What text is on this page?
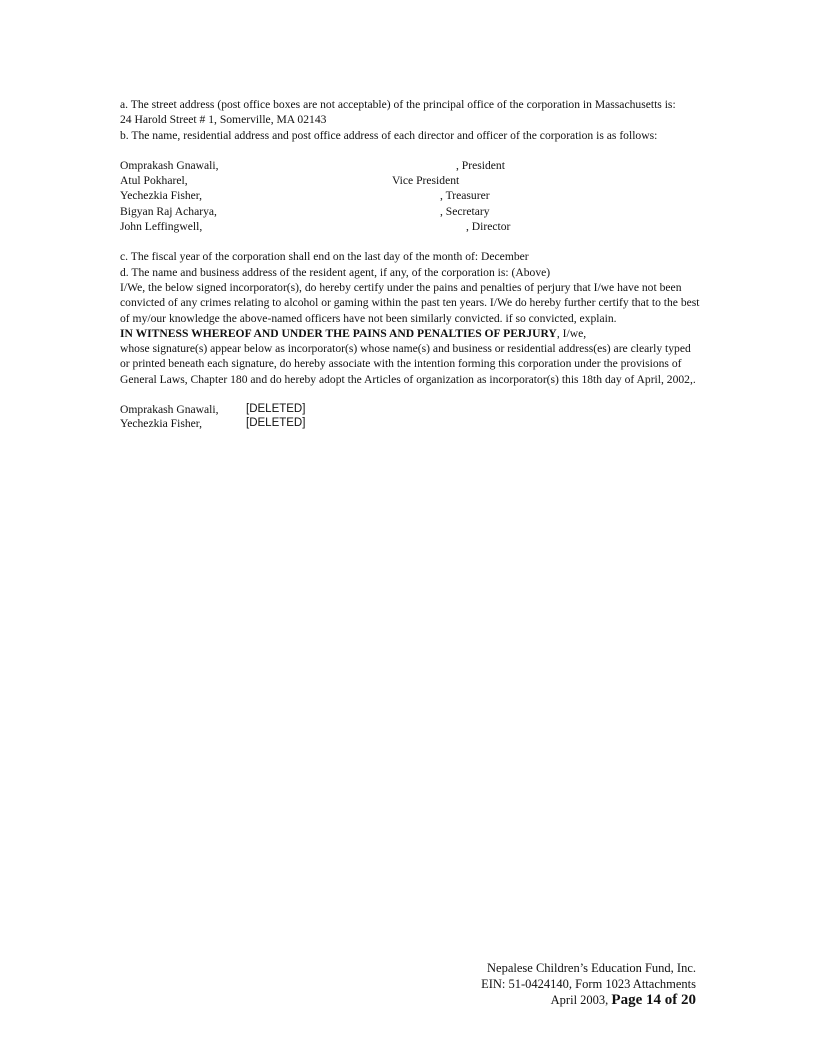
a. The street address (post office boxes are not acceptable) of the principal office of the corporation in Massachusetts is:

24 Harold Street # 1, Somerville, MA 02143

b. The name, residential address and post office address of each director and officer of the corporation is as follows:

Omprakash Gnawali,	, President
Atul Pokharel,	Vice President
Yechezkia Fisher,	, Treasurer
Bigyan Raj Acharya,	, Secretary
John Leffingwell,	, Director

c. The fiscal year of the corporation shall end on the last day of the month of: December

d. The name and business address of the resident agent, if any, of the corporation is: (Above)

I/We, the below signed incorporator(s), do hereby certify under the pains and penalties of perjury that I/we have not been convicted of any crimes relating to alcohol or gaming within the past ten years. I/We do hereby further certify that to the best of my/our knowledge the above-named officers have not been similarly convicted. if so convicted, explain.

IN WITNESS WHEREOF AND UNDER THE PAINS AND PENALTIES OF PERJURY, I/we,

whose signature(s) appear below as incorporator(s) whose name(s) and business or residential address(es) are clearly typed or printed beneath each signature, do hereby associate with the intention forming this corporation under the provisions of General Laws, Chapter 180 and do hereby adopt the Articles of organization as incorporator(s) this 18th day of April, 2002,.

Omprakash Gnawali, [DELETED]
Yechezkia Fisher,	[DELETED]
Nepalese Children’s Education Fund, Inc.
EIN: 51-0424140, Form 1023 Attachments
April 2003, Page 14 of 20
